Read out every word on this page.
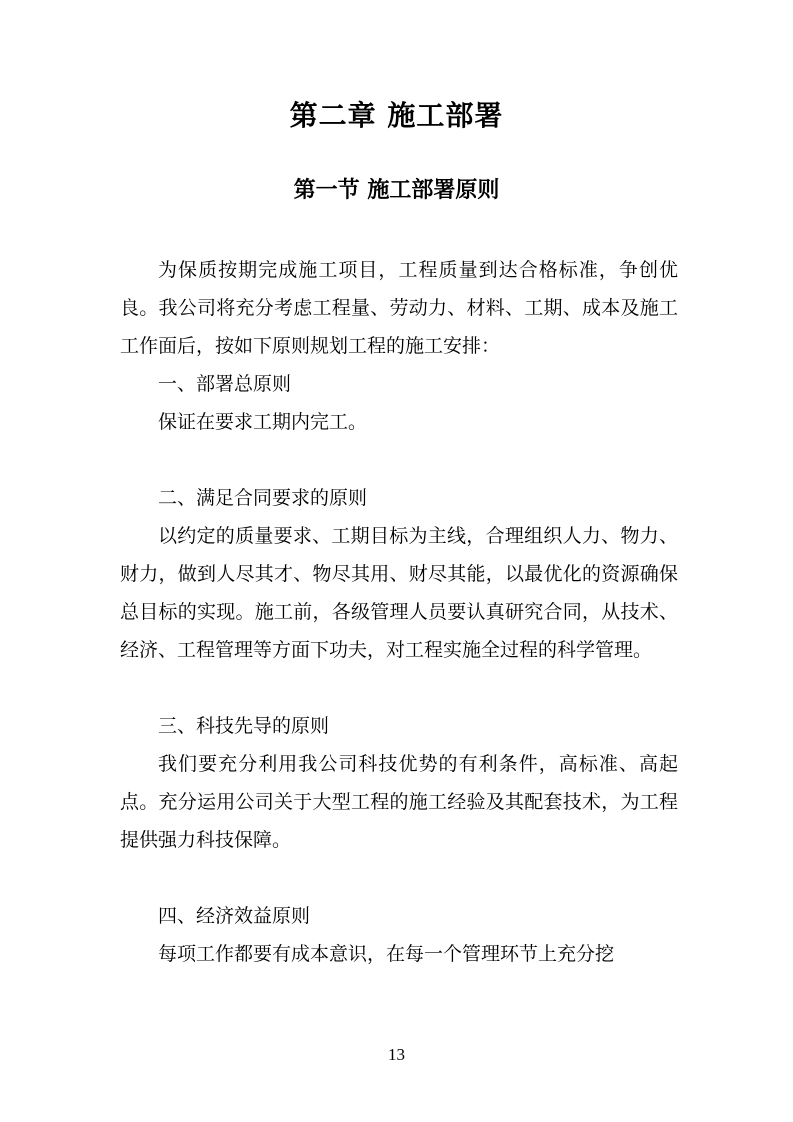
第二章 施工部署
第一节 施工部署原则

为保质按期完成施工项目，工程质量到达合格标准，争创优良。我公司将充分考虑工程量、劳动力、材料、工期、成本及施工工作面后，按如下原则规划工程的施工安排：

一、部署总原则

保证在要求工期内完工。

二、满足合同要求的原则

以约定的质量要求、工期目标为主线，合理组织人力、物力、财力，做到人尽其才、物尽其用、财尽其能，以最优化的资源确保总目标的实现。施工前，各级管理人员要认真研究合同，从技术、经济、工程管理等方面下功夫，对工程实施全过程的科学管理。

三、科技先导的原则

我们要充分利用我公司科技优势的有利条件，高标准、高起点。充分运用公司关于大型工程的施工经验及其配套技术，为工程提供强力科技保障。

四、经济效益原则

每项工作都要有成本意识，在每一个管理环节上充分挖

13
